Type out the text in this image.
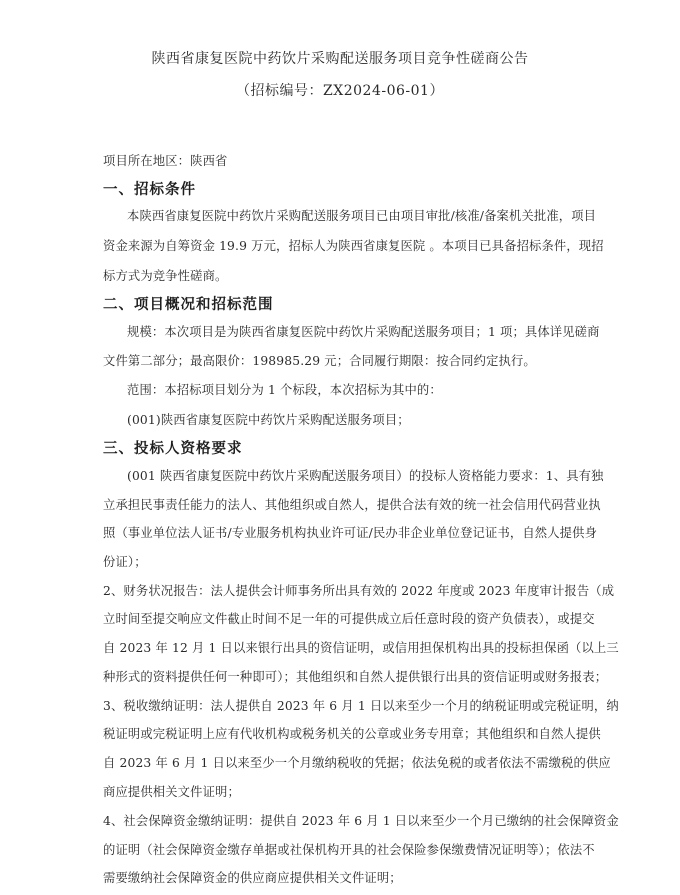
陕西省康复医院中药饮片采购配送服务项目竞争性磋商公告
（招标编号：ZX2024-06-01）
项目所在地区：陕西省
一、招标条件
本陕西省康复医院中药饮片采购配送服务项目已由项目审批/核准/备案机关批准，项目
资金来源为自筹资金 19.9 万元，招标人为陕西省康复医院 。本项目已具备招标条件，现招
标方式为竞争性磋商。
二、项目概况和招标范围
规模：本次项目是为陕西省康复医院中药饮片采购配送服务项目；1 项；具体详见磋商
文件第二部分；最高限价：198985.29 元；合同履行期限：按合同约定执行。
范围：本招标项目划分为 1 个标段，本次招标为其中的：
(001)陕西省康复医院中药饮片采购配送服务项目；
三、投标人资格要求
(001 陕西省康复医院中药饮片采购配送服务项目）的投标人资格能力要求：1、具有独
立承担民事责任能力的法人、其他组织或自然人，提供合法有效的统一社会信用代码营业执
照（事业单位法人证书/专业服务机构执业许可证/民办非企业单位登记证书，自然人提供身
份证）；
2、财务状况报告：法人提供会计师事务所出具有效的 2022 年度或 2023 年度审计报告（成
立时间至提交响应文件截止时间不足一年的可提供成立后任意时段的资产负债表），或提交
自 2023 年 12 月 1 日以来银行出具的资信证明，或信用担保机构出具的投标担保函（以上三
种形式的资料提供任何一种即可）；其他组织和自然人提供银行出具的资信证明或财务报表；
3、税收缴纳证明：法人提供自 2023 年 6 月 1 日以来至少一个月的纳税证明或完税证明，纳
税证明或完税证明上应有代收机构或税务机关的公章或业务专用章；其他组织和自然人提供
自 2023 年 6 月 1 日以来至少一个月缴纳税收的凭据；依法免税的或者依法不需缴税的供应
商应提供相关文件证明；
4、社会保障资金缴纳证明：提供自 2023 年 6 月 1 日以来至少一个月已缴纳的社会保障资金
的证明（社会保障资金缴存单据或社保机构开具的社会保险参保缴费情况证明等）；依法不
需要缴纳社会保障资金的供应商应提供相关文件证明；
